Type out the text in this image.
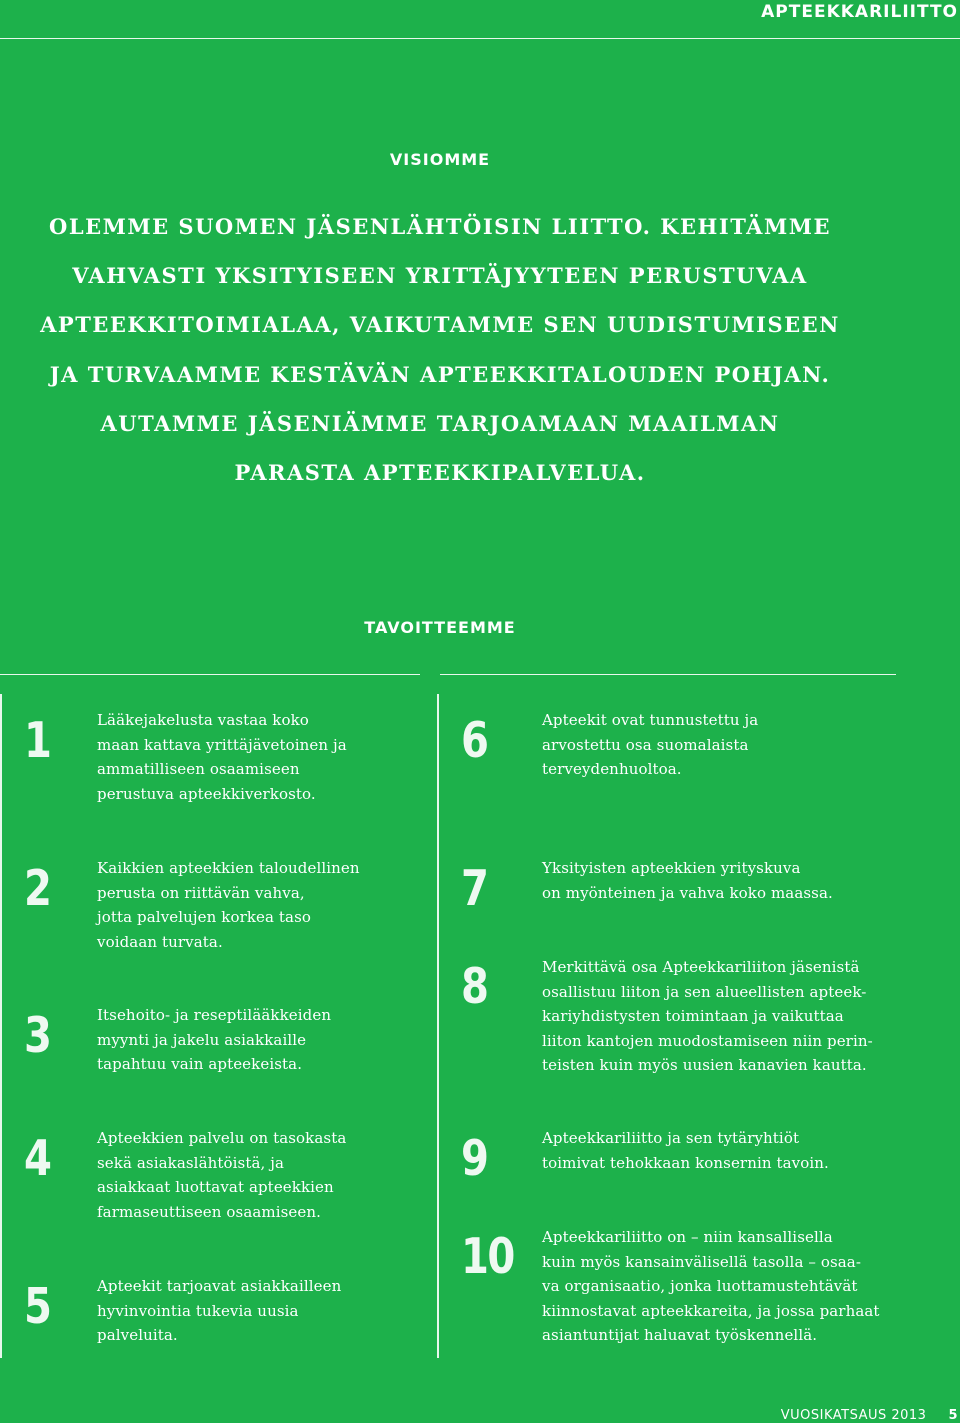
APTEEKKARILIITTO
VISIOMME

OLEMME SUOMEN JÄSENLÄHTÖISIN LIITTO. KEHITÄMME VAHVASTI YKSITYISEEN YRITTÄJYYTEEN PERUSTUVAA APTEEKKITOIMIALAA, VAIKUTAMME SEN UUDISTUMISEEN JA TURVAAMME KESTÄVÄN APTEEKKITALOUDEN POHJAN. AUTAMME JÄSENIÄMME TARJOAMAAN MAAILMAN PARASTA APTEEKKIPALVELUA.

TAVOITTEEMME
1	Lääkejakelusta vastaa koko
maan kattava yrittäjävetoinen ja
ammatilliseen osaamiseen
perustuva apteekkiverkosto.

2	Kaikkien apteekkien taloudellinen
perusta on riittävän vahva,
jotta palvelujen korkea taso
voidaan turvata.

3	Itsehoito- ja reseptilääkkeiden
myynti ja jakelu asiakkaille
tapahtuu vain apteekeista.

4	Apteekkien palvelu on tasokasta
sekä asiakaslähtöistä, ja
asiakkaat luottavat apteekkien
farmaseuttiseen osaamiseen.

5	Apteekit tarjoavat asiakkailleen
hyvinvointia tukevia uusia
palveluita.

6	Apteekit ovat tunnustettu ja
arvostettu osa suomalaista
terveydenhuoltoa.

7	Yksityisten apteekkien yrityskuva
on myönteinen ja vahva koko maassa.

8	Merkittävä osa Apteekkariliiton jäsenistä
osallistuu liiton ja sen alueellisten apteek-
kariyhdistysten toimintaan ja vaikuttaa
liiton kantojen muodostamiseen niin perin-
teisten kuin myös uusien kanavien kautta.

9	Apteekkariliitto ja sen tytäryhtiöt
toimivat tehokkaan konsernin tavoin.

10 Apteekkariliitto on – niin kansallisella
kuin myös kansainvälisellä tasolla – osaa-
va organisaatio, jonka luottamustehtävät
kiinnostavat apteekkareita, ja jossa parhaat
asiantuntijat haluavat työskennellä.

VUOSIKATSAUS 2013 5
